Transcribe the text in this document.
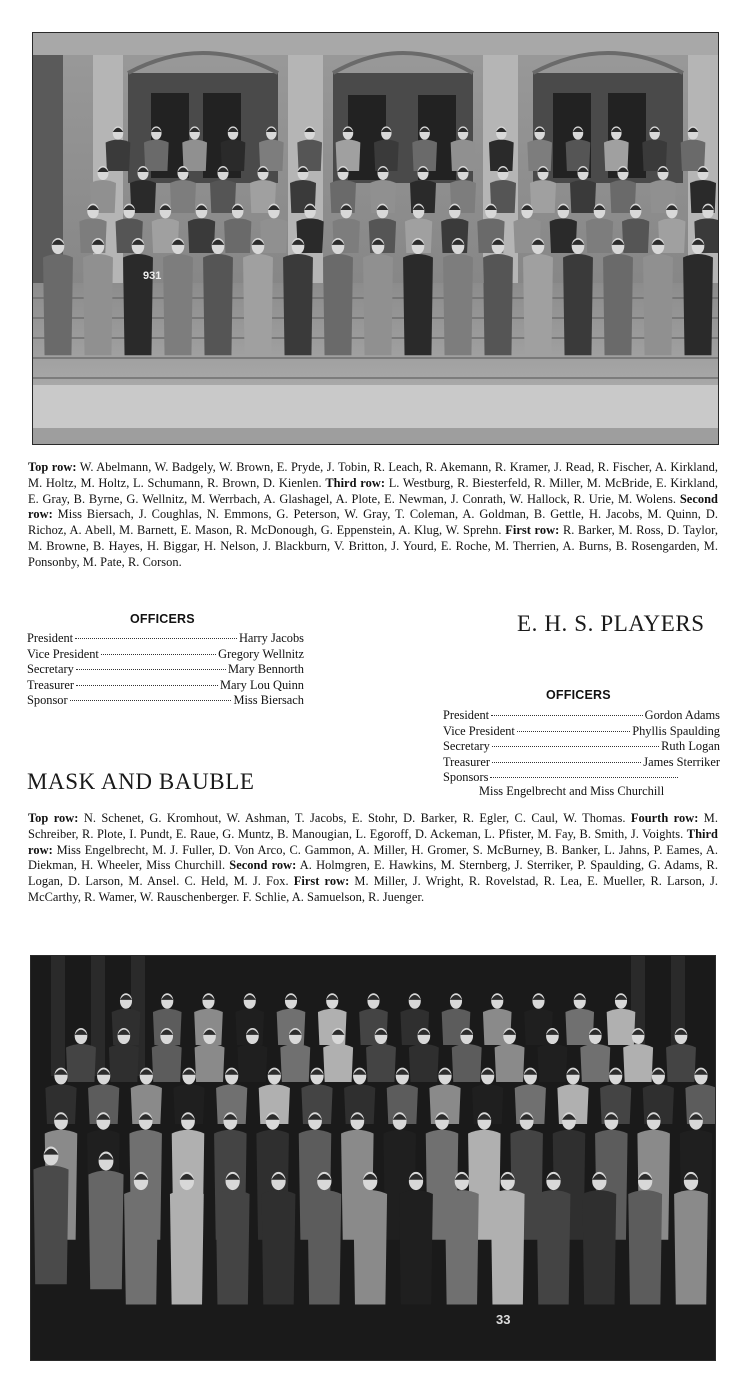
931

Top row: W. Abelmann, W. Badgely, W. Brown, E. Pryde, J. Tobin, R. Leach, R. Akemann, R. Kramer, J. Read, R. Fischer, A. Kirkland, M. Holtz, M. Holtz, L. Schumann, R. Brown, D. Kienlen. Third row: L. Westburg, R. Biesterfeld, R. Miller, M. McBride, E. Kirkland, E. Gray, B. Byrne, G. Wellnitz, M. Werrbach, A. Glashagel, A. Plote, E. Newman, J. Conrath, W. Hallock, R. Urie, M. Wolens. Second row: Miss Biersach, J. Coughlas, N. Emmons, G. Peterson, W. Gray, T. Coleman, A. Goldman, B. Gettle, H. Jacobs, M. Quinn, D. Richoz, A. Abell, M. Barnett, E. Mason, R. McDonough, G. Eppenstein, A. Klug, W. Sprehn. First row: R. Barker, M. Ross, D. Taylor, M. Browne, B. Hayes, H. Biggar, H. Nelson, J. Blackburn, V. Britton, J. Yourd, E. Roche, M. Therrien, A. Burns, B. Rosengarden, M. Ponsonby, M. Pate, R. Corson.

OFFICERS
President	Harry Jacobs
Vice President	Gregory Wellnitz
Secretary	Mary Bennorth
Treasurer	Mary Lou Quinn
Sponsor	Miss Biersach
E. H. S. PLAYERS
OFFICERS
President	Gordon Adams
Vice President	Phyllis Spaulding
Secretary	Ruth Logan
Treasurer	James Sterriker
Sponsors
Miss Engelbrecht and Miss Churchill
MASK AND BAUBLE

Top row: N. Schenet, G. Kromhout, W. Ashman, T. Jacobs, E. Stohr, D. Barker, R. Egler, C. Caul, W. Thomas. Fourth row: M. Schreiber, R. Plote, I. Pundt, E. Raue, G. Muntz, B. Manougian, L. Egoroff, D. Ackeman, L. Pfister, M. Fay, B. Smith, J. Voights. Third row: Miss Engelbrecht, M. J. Fuller, D. Von Arco, C. Gammon, A. Miller, H. Gromer, S. McBurney, B. Banker, L. Jahns, P. Eames, A. Diekman, H. Wheeler, Miss Churchill. Second row: A. Holmgren, E. Hawkins, M. Sternberg, J. Sterriker, P. Spaulding, G. Adams, R. Logan, D. Larson, M. Ansel. C. Held, M. J. Fox. First row: M. Miller, J. Wright, R. Rovelstad, R. Lea, E. Mueller, R. Larson, J. McCarthy, R. Wamer, W. Rauschenberger. F. Schlie, A. Samuelson, R. Juenger.

33
